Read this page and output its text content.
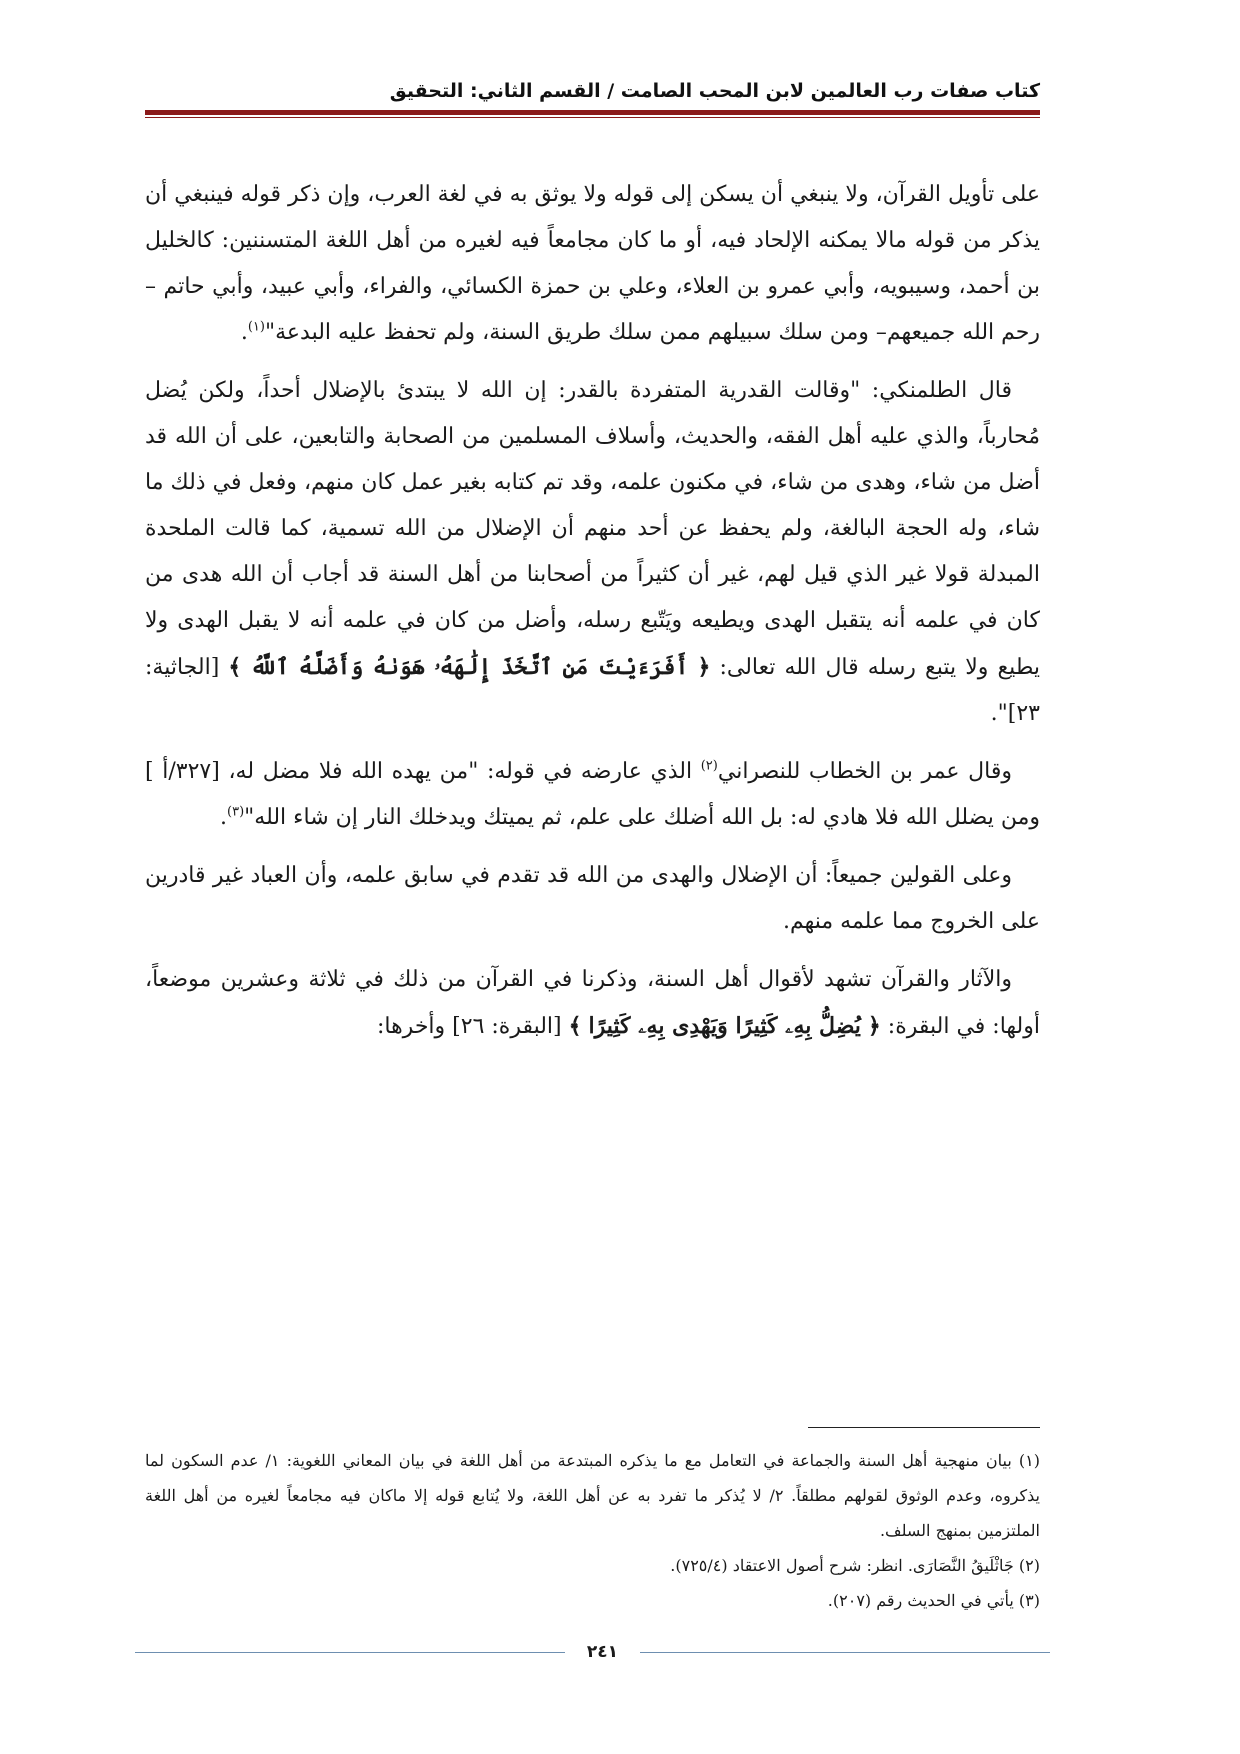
كتاب صفات رب العالمين لابن المحب الصامت / القسم الثاني: التحقيق

على تأويل القرآن، ولا ينبغي أن يسكن إلى قوله ولا يوثق به في لغة العرب، وإن ذكر قوله فينبغي أن يذكر من قوله مالا يمكنه الإلحاد فيه، أو ما كان مجامعاً فيه لغيره من أهل اللغة المتسننين: كالخليل بن أحمد، وسيبويه، وأبي عمرو بن العلاء، وعلي بن حمزة الكسائي، والفراء، وأبي عبيد، وأبي حاتم –رحم الله جميعهم– ومن سلك سبيلهم ممن سلك طريق السنة، ولم تحفظ عليه البدعة"$^{(١)}$.

قال الطلمنكي: "وقالت القدرية المتفردة بالقدر: إن الله لا يبتدئ بالإضلال أحداً، ولكن يُضل مُحارباً، والذي عليه أهل الفقه، والحديث، وأسلاف المسلمين من الصحابة والتابعين، على أن الله قد أضل من شاء، وهدى من شاء، في مكنون علمه، وقد تم كتابه بغير عمل كان منهم، وفعل في ذلك ما شاء، وله الحجة البالغة، ولم يحفظ عن أحد منهم أن الإضلال من الله تسمية، كما قالت الملحدة المبدلة قولا غير الذي قيل لهم، غير أن كثيراً من أصحابنا من أهل السنة قد أجاب أن الله هدى من كان في علمه أنه يتقبل الهدى ويطيعه ويَتّبع رسله، وأضل من كان في علمه أنه لا يقبل الهدى ولا يطيع ولا يتبع رسله قال الله تعالى: ﴿ أَفَرَءَيْتَ مَنِ ٱتَّخَذَ إِلَٰهَهُۥ هَوَىٰهُ وَأَضَلَّهُ ٱللَّهُ ﴾ [الجاثية: ٢٣]".

وقال عمر بن الخطاب للنصراني$^{(٢)}$ الذي عارضه في قوله: "من يهده الله فلا مضل له، [٣٢٧/أ ] ومن يضلل الله فلا هادي له: بل الله أضلك على علم، ثم يميتك ويدخلك النار إن شاء الله"$^{(٣)}$.

وعلى القولين جميعاً: أن الإضلال والهدى من الله قد تقدم في سابق علمه، وأن العباد غير قادرين على الخروج مما علمه منهم.

والآثار والقرآن تشهد لأقوال أهل السنة، وذكرنا في القرآن من ذلك في ثلاثة وعشرين موضعاً، أولها: في البقرة: ﴿ يُضِلُّ بِهِۦ كَثِيرًا وَيَهْدِى بِهِۦ كَثِيرًا ﴾ [البقرة: ٢٦] وأخرها:

(١) بيان منهجية أهل السنة والجماعة في التعامل مع ما يذكره المبتدعة من أهل اللغة في بيان المعاني اللغوية: ١/ عدم السكون لما يذكروه، وعدم الوثوق لقولهم مطلقاً. ٢/ لا يُذكر ما تفرد به عن أهل اللغة، ولا يُتابع قوله إلا ماكان فيه مجامعاً لغيره من أهل اللغة الملتزمين بمنهج السلف.

(٢) جَاثْلَيقُ النَّصَارَى. انظر: شرح أصول الاعتقاد (٧٢٥/٤).

(٣) يأتي في الحديث رقم (٢٠٧).

٢٤١
